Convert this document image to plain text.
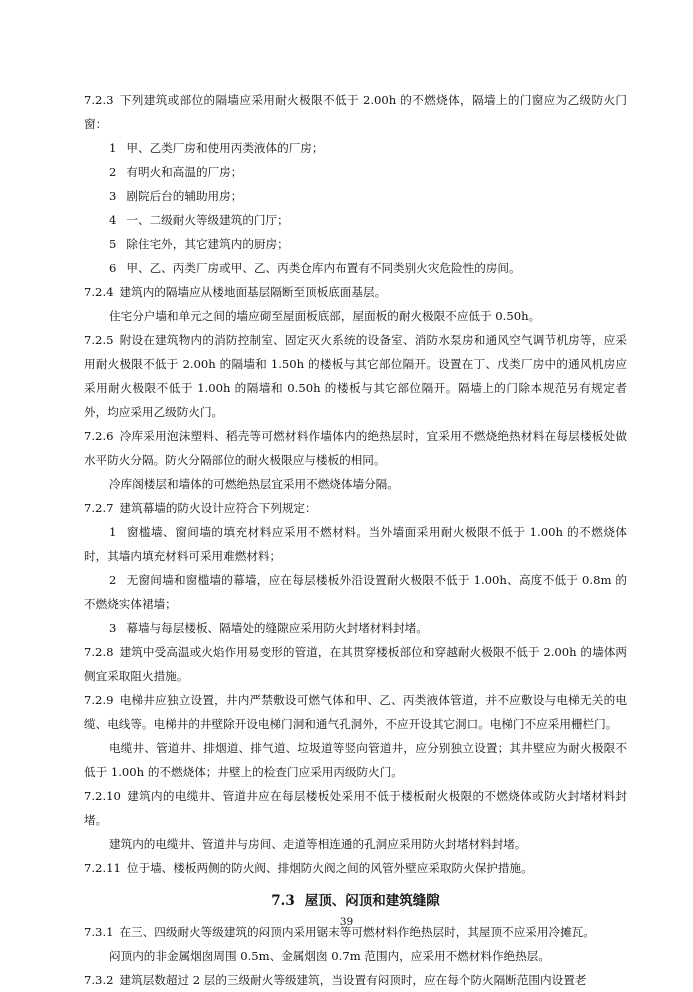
7.2.3 下列建筑或部位的隔墙应采用耐火极限不低于 2.00h 的不燃烧体，隔墙上的门窗应为乙级防火门窗：

1 甲、乙类厂房和使用丙类液体的厂房；

2 有明火和高温的厂房；

3 剧院后台的辅助用房；

4 一、二级耐火等级建筑的门厅；

5 除住宅外，其它建筑内的厨房；

6 甲、乙、丙类厂房或甲、乙、丙类仓库内布置有不同类别火灾危险性的房间。

7.2.4 建筑内的隔墙应从楼地面基层隔断至顶板底面基层。

住宅分户墙和单元之间的墙应砌至屋面板底部，屋面板的耐火极限不应低于 0.50h。

7.2.5 附设在建筑物内的消防控制室、固定灭火系统的设备室、消防水泵房和通风空气调节机房等，应采用耐火极限不低于 2.00h 的隔墙和 1.50h 的楼板与其它部位隔开。设置在丁、戊类厂房中的通风机房应采用耐火极限不低于 1.00h 的隔墙和 0.50h 的楼板与其它部位隔开。隔墙上的门除本规范另有规定者外，均应采用乙级防火门。

7.2.6 冷库采用泡沫塑料、稻壳等可燃材料作墙体内的绝热层时，宜采用不燃烧绝热材料在每层楼板处做水平防火分隔。防火分隔部位的耐火极限应与楼板的相同。

冷库阁楼层和墙体的可燃绝热层宜采用不燃烧体墙分隔。

7.2.7 建筑幕墙的防火设计应符合下列规定：

1 窗槛墙、窗间墙的填充材料应采用不燃材料。当外墙面采用耐火极限不低于 1.00h 的不燃烧体时，其墙内填充材料可采用难燃材料；

2 无窗间墙和窗槛墙的幕墙，应在每层楼板外沿设置耐火极限不低于 1.00h、高度不低于 0.8m 的不燃烧实体裙墙；

3 幕墙与每层楼板、隔墙处的缝隙应采用防火封堵材料封堵。

7.2.8 建筑中受高温或火焰作用易变形的管道，在其贯穿楼板部位和穿越耐火极限不低于 2.00h 的墙体两侧宜采取阻火措施。

7.2.9 电梯井应独立设置，井内严禁敷设可燃气体和甲、乙、丙类液体管道，并不应敷设与电梯无关的电缆、电线等。电梯井的井壁除开设电梯门洞和通气孔洞外，不应开设其它洞口。电梯门不应采用栅栏门。

电缆井、管道井、排烟道、排气道、垃圾道等竖向管道井，应分别独立设置；其井壁应为耐火极限不低于 1.00h 的不燃烧体；井壁上的检查门应采用丙级防火门。

7.2.10 建筑内的电缆井、管道井应在每层楼板处采用不低于楼板耐火极限的不燃烧体或防火封堵材料封堵。

建筑内的电缆井、管道井与房间、走道等相连通的孔洞应采用防火封堵材料封堵。

7.2.11 位于墙、楼板两侧的防火阀、排烟防火阀之间的风管外壁应采取防火保护措施。

7.3 屋顶、闷顶和建筑缝隙

7.3.1 在三、四级耐火等级建筑的闷顶内采用锯末等可燃材料作绝热层时，其屋顶不应采用冷摊瓦。

闷顶内的非金属烟囱周围 0.5m、金属烟囱 0.7m 范围内，应采用不燃材料作绝热层。

7.3.2 建筑层数超过 2 层的三级耐火等级建筑，当设置有闷顶时，应在每个防火隔断范围内设置老

39
